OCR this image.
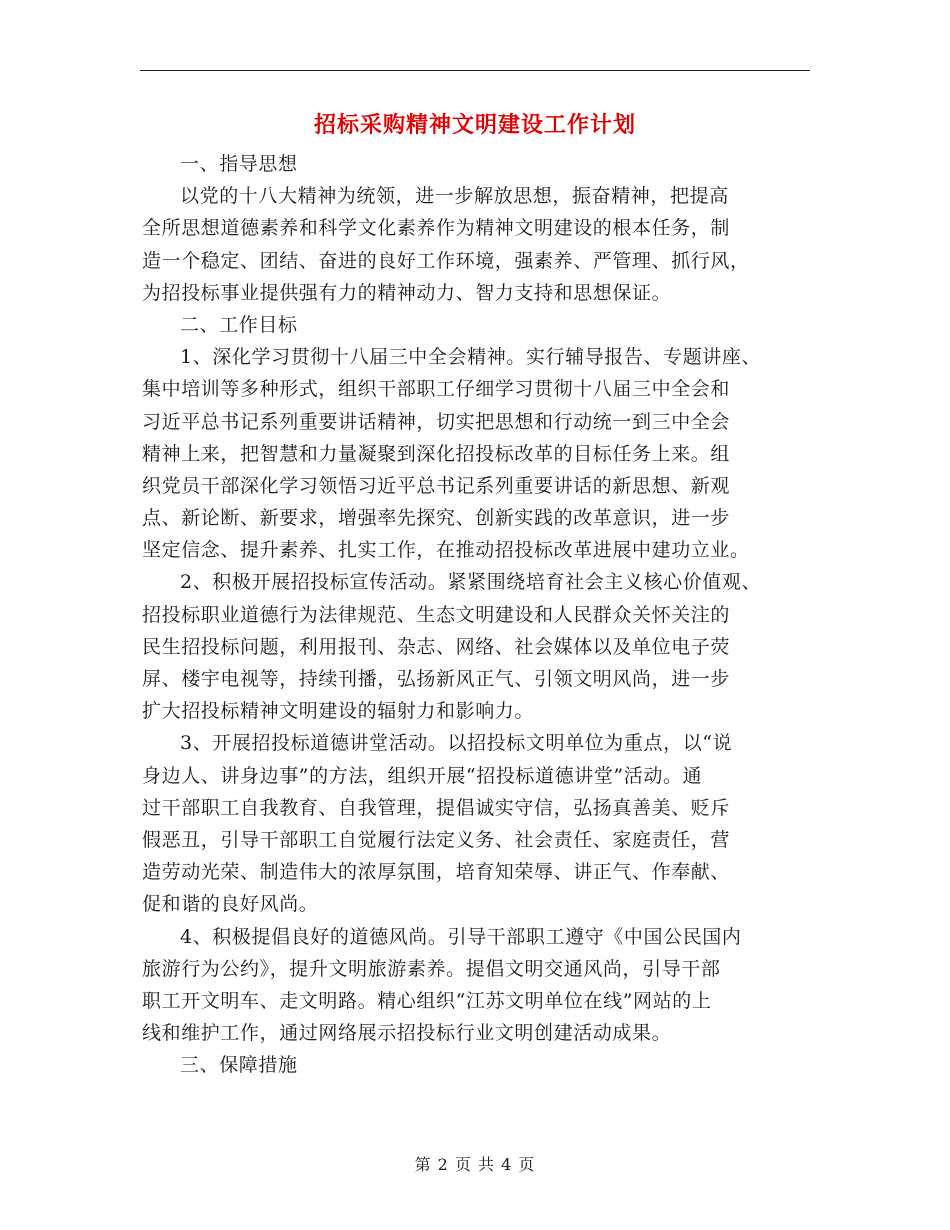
招标采购精神文明建设工作计划
一、指导思想
以党的十八大精神为统领，进一步解放思想，振奋精神，把提高
全所思想道德素养和科学文化素养作为精神文明建设的根本任务，制
造一个稳定、团结、奋进的良好工作环境，强素养、严管理、抓行风，
为招投标事业提供强有力的精神动力、智力支持和思想保证。
二、工作目标
1、深化学习贯彻十八届三中全会精神。实行辅导报告、专题讲座、
集中培训等多种形式，组织干部职工仔细学习贯彻十八届三中全会和
习近平总书记系列重要讲话精神，切实把思想和行动统一到三中全会
精神上来，把智慧和力量凝聚到深化招投标改革的目标任务上来。组
织党员干部深化学习领悟习近平总书记系列重要讲话的新思想、新观
点、新论断、新要求，增强率先探究、创新实践的改革意识，进一步
坚定信念、提升素养、扎实工作，在推动招投标改革进展中建功立业。
2、积极开展招投标宣传活动。紧紧围绕培育社会主义核心价值观、
招投标职业道德行为法律规范、生态文明建设和人民群众关怀关注的
民生招投标问题，利用报刊、杂志、网络、社会媒体以及单位电子荧
屏、楼宇电视等，持续刊播，弘扬新风正气、引领文明风尚，进一步
扩大招投标精神文明建设的辐射力和影响力。
3、开展招投标道德讲堂活动。以招投标文明单位为重点，以“说
身边人、讲身边事”的方法，组织开展“招投标道德讲堂”活动。通
过干部职工自我教育、自我管理，提倡诚实守信，弘扬真善美、贬斥
假恶丑，引导干部职工自觉履行法定义务、社会责任、家庭责任，营
造劳动光荣、制造伟大的浓厚氛围，培育知荣辱、讲正气、作奉献、
促和谐的良好风尚。
4、积极提倡良好的道德风尚。引导干部职工遵守《中国公民国内
旅游行为公约》，提升文明旅游素养。提倡文明交通风尚，引导干部
职工开文明车、走文明路。精心组织“江苏文明单位在线”网站的上
线和维护工作，通过网络展示招投标行业文明创建活动成果。
三、保障措施
第 2 页 共 4 页
